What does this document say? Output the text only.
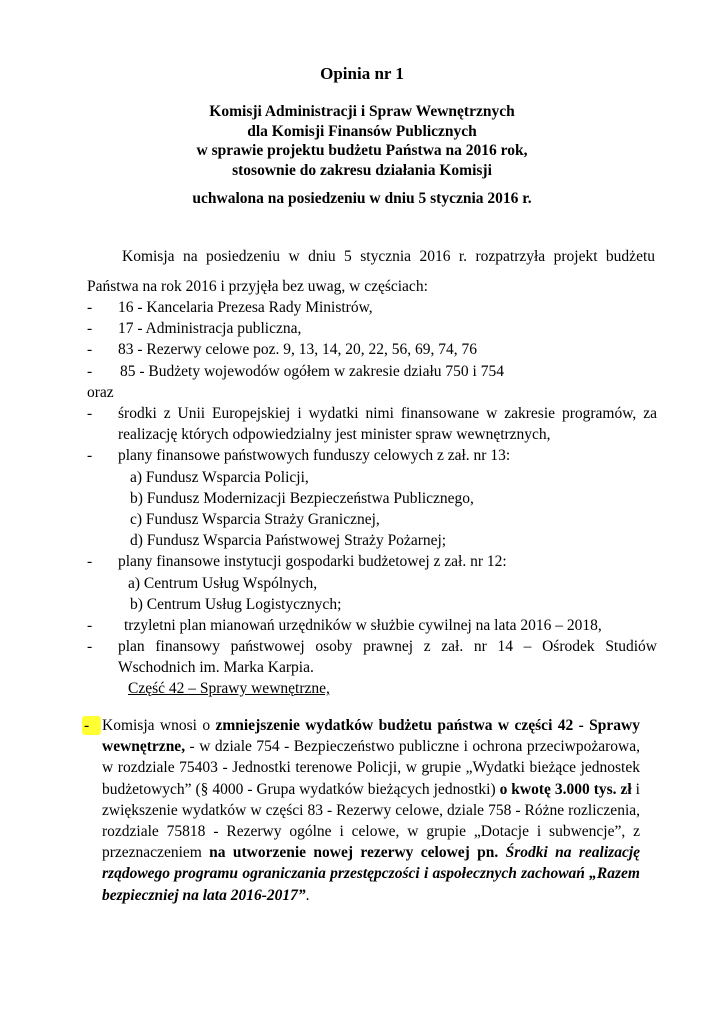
Opinia nr 1
Komisji Administracji i Spraw Wewnętrznych
dla Komisji Finansów Publicznych
w sprawie projektu budżetu Państwa na 2016 rok,
stosownie do zakresu działania Komisji
uchwalona na posiedzeniu w dniu 5 stycznia 2016 r.
Komisja na posiedzeniu w dniu 5 stycznia 2016 r. rozpatrzyła projekt budżetu
Państwa na rok 2016 i przyjęła bez uwag, w częściach:
- 16 - Kancelaria Prezesa Rady Ministrów,
- 17 - Administracja publiczna,
- 83 - Rezerwy celowe poz. 9, 13, 14, 20, 22, 56, 69, 74, 76
- 85 - Budżety wojewodów ogółem w zakresie działu 750 i 754
oraz
- środki z Unii Europejskiej i wydatki nimi finansowane w zakresie programów, za
realizację których odpowiedzialny jest minister spraw wewnętrznych,
- plany finansowe państwowych funduszy celowych z zał. nr 13:
a) Fundusz Wsparcia Policji,
b) Fundusz Modernizacji Bezpieczeństwa Publicznego,
c) Fundusz Wsparcia Straży Granicznej,
d) Fundusz Wsparcia Państwowej Straży Pożarnej;
- plany finansowe instytucji gospodarki budżetowej z zał. nr 12:
a) Centrum Usług Wspólnych,
b) Centrum Usług Logistycznych;
- trzyletni plan mianowań urzędników w służbie cywilnej na lata 2016 – 2018,
- plan finansowy państwowej osoby prawnej z zał. nr 14 – Ośrodek Studiów
Wschodnich im. Marka Karpia.
Część 42 – Sprawy wewnętrzne,
- Komisja wnosi o zmniejszenie wydatków budżetu państwa w części 42 - Sprawy wewnętrzne, - w dziale 754 - Bezpieczeństwo publiczne i ochrona przeciwpożarowa, w rozdziale 75403 - Jednostki terenowe Policji, w grupie „Wydatki bieżące jednostek budżetowych” (§ 4000 - Grupa wydatków bieżących jednostki) o kwotę 3.000 tys. zł i zwiększenie wydatków w części 83 - Rezerwy celowe, dziale 758 - Różne rozliczenia, rozdziale 75818 - Rezerwy ogólne i celowe, w grupie „Dotacje i subwencje”, z przeznaczeniem na utworzenie nowej rezerwy celowej pn. Środki na realizację rządowego programu ograniczania przestępczości i aspołecznych zachowań „Razem bezpieczniej na lata 2016-2017”.
